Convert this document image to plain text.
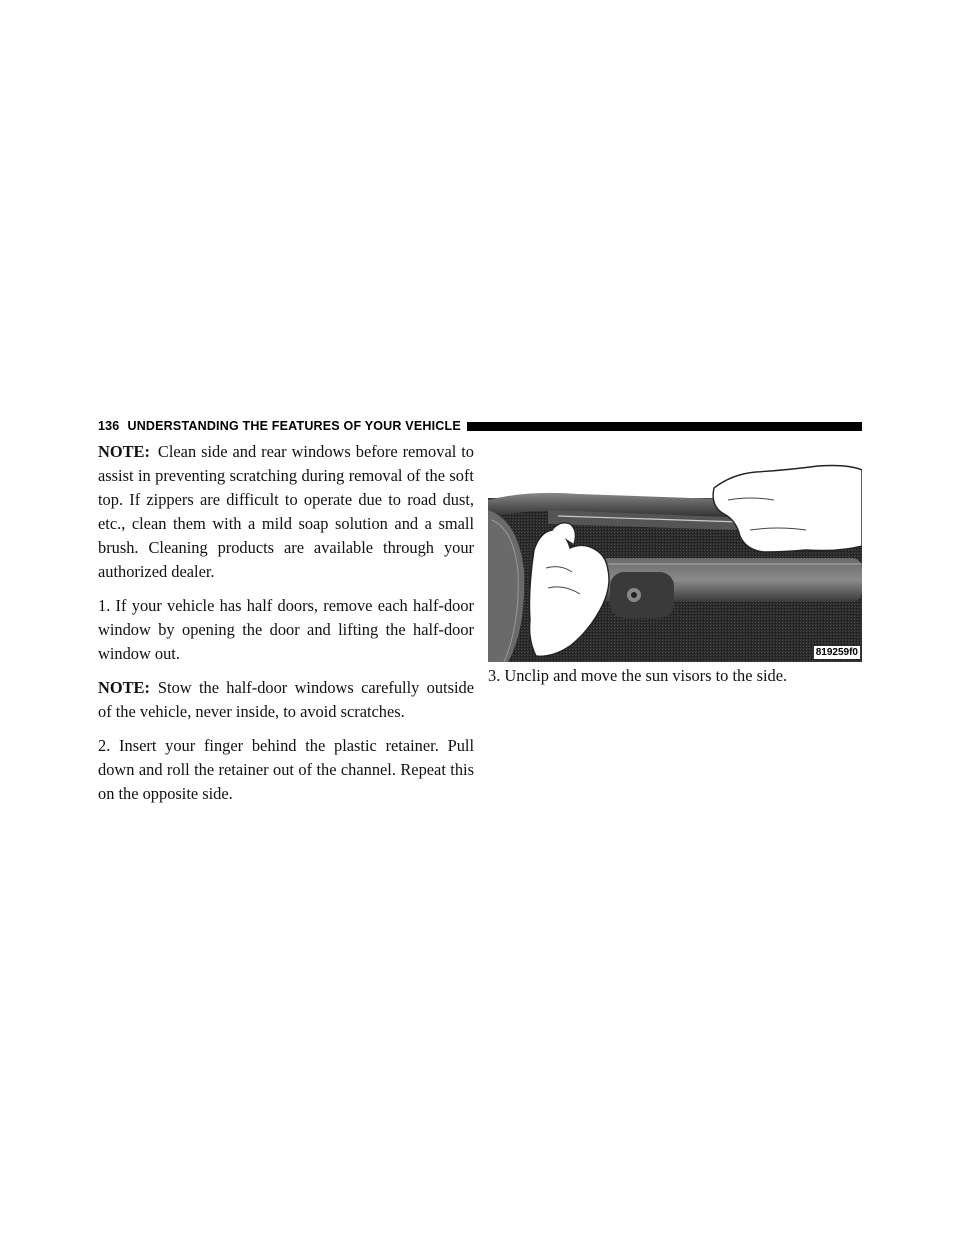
136 UNDERSTANDING THE FEATURES OF YOUR VEHICLE

NOTE: Clean side and rear windows before removal to assist in preventing scratching during removal of the soft top. If zippers are difficult to operate due to road dust, etc., clean them with a mild soap solution and a small brush. Cleaning products are available through your authorized dealer.

1. If your vehicle has half doors, remove each half-door window by opening the door and lifting the half-door window out.

NOTE: Stow the half-door windows carefully outside of the vehicle, never inside, to avoid scratches.

2. Insert your finger behind the plastic retainer. Pull down and roll the retainer out of the channel. Repeat this on the opposite side.

819259f0

3. Unclip and move the sun visors to the side.
